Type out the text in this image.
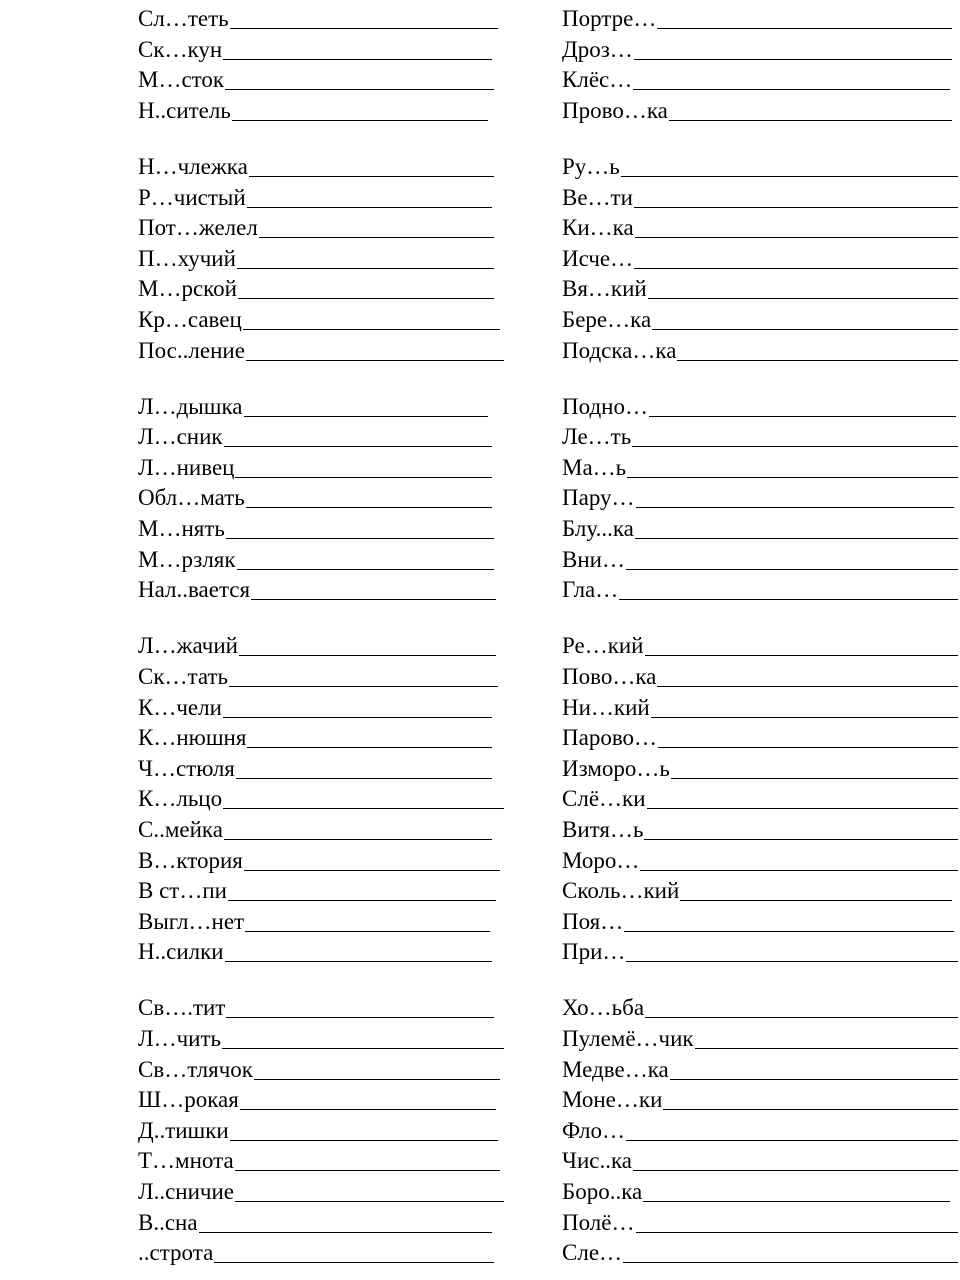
Сл…теть
Ск…кун
М…сток
Н..ситель
Н…члежка
Р…чистый
Пот…желел
П…хучий
М…рской
Кр…савец
Пос..ление
Л…дышка
Л…сник
Л…нивец
Обл…мать
М…нять
М…рзляк
Нал..вается
Л…жачий
Ск…тать
К…чели
К…нюшня
Ч…стюля
К…льцо
С..мейка
В…ктория
В ст…пи
Выгл…нет
Н..силки
Св….тит
Л…чить
Св…тлячок
Ш…рокая
Д..тишки
Т…мнота
Л..сничие
В..сна
..строта
Портре…
Дроз…
Клёс…
Прово…ка
Ру…ь
Ве…ти
Ки…ка
Исче…
Вя…кий
Бере…ка
Подска…ка
Подно…
Ле…ть
Ма…ь
Пару…
Блу...ка
Вни…
Гла…
Ре…кий
Пово…ка
Ни…кий
Парово…
Изморо…ь
Слё…ки
Витя…ь
Моро…
Сколь…кий
Поя…
При…
Хо…ьба
Пулемё…чик
Медве…ка
Моне…ки
Фло…
Чис..ка
Боро..ка
Полё…
Сле…
